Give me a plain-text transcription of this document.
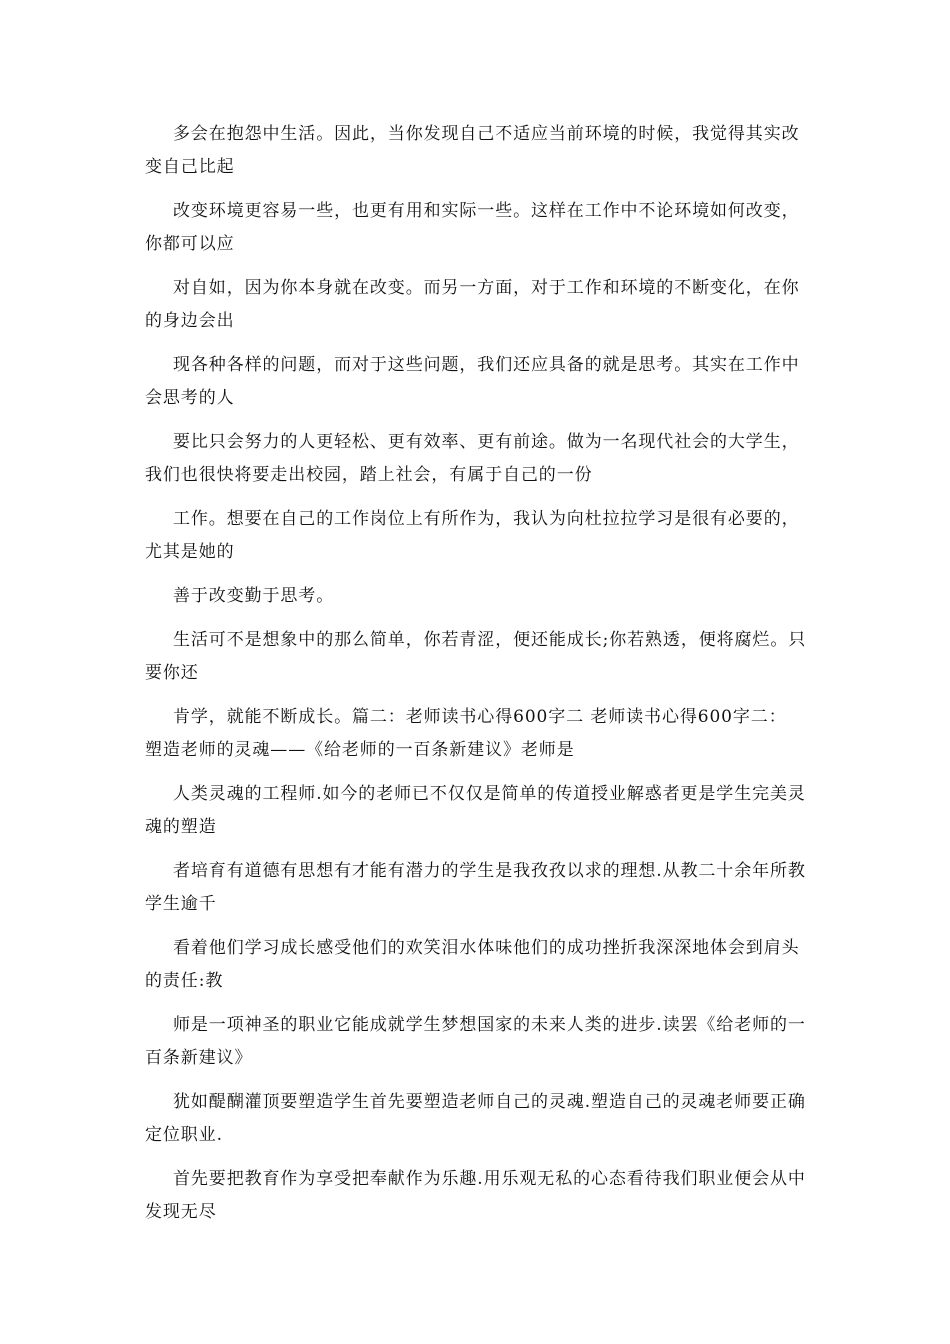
多会在抱怨中生活。因此，当你发现自己不适应当前环境的时候，我觉得其实改变自己比起

改变环境更容易一些，也更有用和实际一些。这样在工作中不论环境如何改变，你都可以应

对自如，因为你本身就在改变。而另一方面，对于工作和环境的不断变化，在你的身边会出

现各种各样的问题，而对于这些问题，我们还应具备的就是思考。其实在工作中会思考的人

要比只会努力的人更轻松、更有效率、更有前途。做为一名现代社会的大学生，我们也很快将要走出校园，踏上社会，有属于自己的一份

工作。想要在自己的工作岗位上有所作为，我认为向杜拉拉学习是很有必要的，尤其是她的

善于改变勤于思考。

生活可不是想象中的那么简单，你若青涩，便还能成长;你若熟透，便将腐烂。只要你还

肯学，就能不断成长。篇二：老师读书心得600字二 老师读书心得600字二： 塑造老师的灵魂——《给老师的一百条新建议》老师是

人类灵魂的工程师.如今的老师已不仅仅是简单的传道授业解惑者更是学生完美灵魂的塑造

者培育有道德有思想有才能有潜力的学生是我孜孜以求的理想.从教二十余年所教学生逾千

看着他们学习成长感受他们的欢笑泪水体味他们的成功挫折我深深地体会到肩头的责任:教

师是一项神圣的职业它能成就学生梦想国家的未来人类的进步.读罢《给老师的一百条新建议》

犹如醍醐灌顶要塑造学生首先要塑造老师自己的灵魂.塑造自己的灵魂老师要正确定位职业.

首先要把教育作为享受把奉献作为乐趣.用乐观无私的心态看待我们职业便会从中发现无尽
